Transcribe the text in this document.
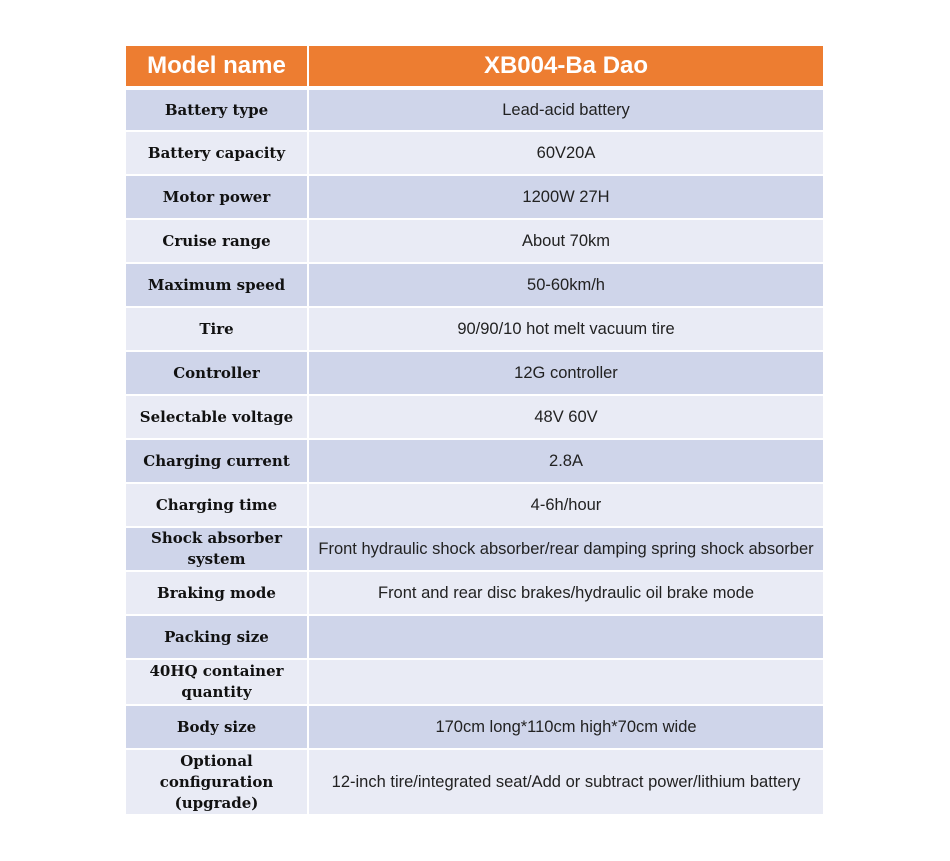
Model name	XB004-Ba Dao
Battery type	Lead-acid battery
Battery capacity	60V20A
Motor power	1200W 27H
Cruise range	About 70km
Maximum speed	50-60km/h
Tire	90/90/10 hot melt vacuum tire
Controller	12G controller
Selectable voltage	48V 60V
Charging current	2.8A
Charging time	4-6h/hour
Shock absorber system	Front hydraulic shock absorber/rear damping spring shock absorber
Braking mode	Front and rear disc brakes/hydraulic oil brake mode
Packing size	
40HQ container quantity	
Body size	170cm long*110cm high*70cm wide
Optional configuration (upgrade)	12-inch tire/integrated seat/Add or subtract power/lithium battery
